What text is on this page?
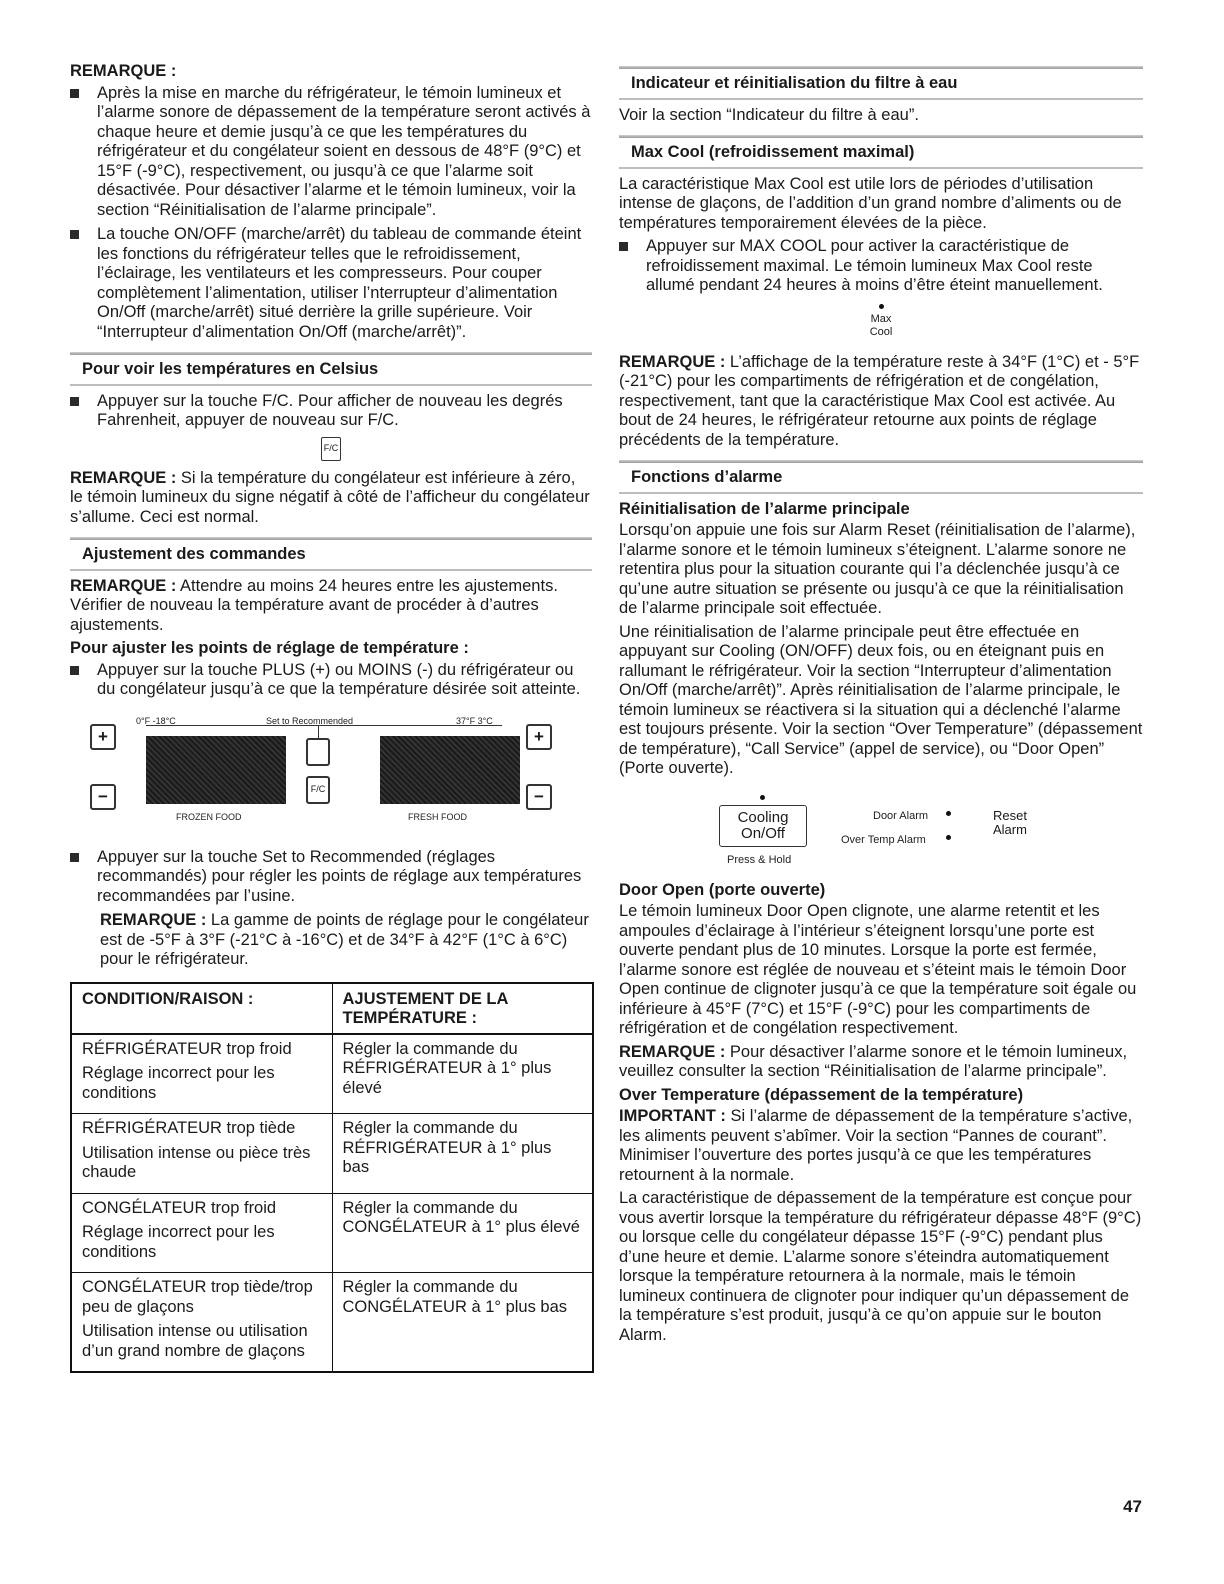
REMARQUE :
Après la mise en marche du réfrigérateur, le témoin lumineux et l’alarme sonore de dépassement de la température seront activés à chaque heure et demie jusqu’à ce que les températures du réfrigérateur et du congélateur soient en dessous de 48°F (9°C) et 15°F (-9°C), respectivement, ou jusqu’à ce que l’alarme soit désactivée. Pour désactiver l’alarme et le témoin lumineux, voir la section “Réinitialisation de l’alarme principale”.
La touche ON/OFF (marche/arrêt) du tableau de commande éteint les fonctions du réfrigérateur telles que le refroidissement, l’éclairage, les ventilateurs et les compresseurs. Pour couper complètement l’alimentation, utiliser l’nterrupteur d’alimentation On/Off (marche/arrêt) situé derrière la grille supérieure. Voir “Interrupteur d’alimentation On/Off (marche/arrêt)”.
Pour voir les températures en Celsius
Appuyer sur la touche F/C. Pour afficher de nouveau les degrés Fahrenheit, appuyer de nouveau sur F/C.
F/C

REMARQUE : Si la température du congélateur est inférieure à zéro, le témoin lumineux du signe négatif à côté de l’afficheur du congélateur s’allume. Ceci est normal.

Ajustement des commandes

REMARQUE : Attendre au moins 24 heures entre les ajustements. Vérifier de nouveau la température avant de procéder à d’autres ajustements.

Pour ajuster les points de réglage de température :
Appuyer sur la touche PLUS (+) ou MOINS (-) du réfrigérateur ou du congélateur jusqu’à ce que la température désirée soit atteinte.
0°F -18°C	Set to Recommended	37°F 3°C
+
−	F/C
+
−
FROZEN FOOD	FRESH FOOD
Appuyer sur la touche Set to Recommended (réglages recommandés) pour régler les points de réglage aux températures recommandées par l’usine.

REMARQUE : La gamme de points de réglage pour le congélateur est de -5°F à 3°F (-21°C à -16°C) et de 34°F à 42°F (1°C à 6°C) pour le réfrigérateur.

CONDITION/RAISON :	AJUSTEMENT DE LA TEMPÉRATURE :

RÉFRIGÉRATEUR trop froid

Réglage incorrect pour les conditions	Régler la commande du RÉFRIGÉRATEUR à 1° plus élevé

RÉFRIGÉRATEUR trop tiède

Utilisation intense ou pièce très chaude	Régler la commande du RÉFRIGÉRATEUR à 1° plus bas

CONGÉLATEUR trop froid

Réglage incorrect pour les conditions	Régler la commande du CONGÉLATEUR à 1° plus élevé

CONGÉLATEUR trop tiède/trop peu de glaçons

Utilisation intense ou utilisation d’un grand nombre de glaçons	Régler la commande du CONGÉLATEUR à 1° plus bas
Indicateur et réinitialisation du filtre à eau

Voir la section “Indicateur du filtre à eau”.

Max Cool (refroidissement maximal)

La caractéristique Max Cool est utile lors de périodes d’utilisation intense de glaçons, de l’addition d’un grand nombre d’aliments ou de températures temporairement élevées de la pièce.

Appuyer sur MAX COOL pour activer la caractéristique de refroidissement maximal. Le témoin lumineux Max Cool reste allumé pendant 24 heures à moins d’être éteint manuellement.
Max
Cool

REMARQUE : L’affichage de la température reste à 34°F (1°C) et - 5°F (-21°C) pour les compartiments de réfrigération et de congélation, respectivement, tant que la caractéristique Max Cool est activée. Au bout de 24 heures, le réfrigérateur retourne aux points de réglage précédents de la température.

Fonctions d’alarme
Réinitialisation de l’alarme principale

Lorsqu’on appuie une fois sur Alarm Reset (réinitialisation de l’alarme), l’alarme sonore et le témoin lumineux s’éteignent. L’alarme sonore ne retentira plus pour la situation courante qui l’a déclenchée jusqu’à ce qu’une autre situation se présente ou jusqu’à ce que la réinitialisation de l’alarme principale soit effectuée.

Une réinitialisation de l’alarme principale peut être effectuée en appuyant sur Cooling (ON/OFF) deux fois, ou en éteignant puis en rallumant le réfrigérateur. Voir la section “Interrupteur d’alimentation On/Off (marche/arrêt)”. Après réinitialisation de l’alarme principale, le témoin lumineux se réactivera si la situation qui a déclenché l’alarme est toujours présente. Voir la section “Over Temperature” (dépassement de température), “Call Service” (appel de service), ou “Door Open” (Porte ouverte).

Cooling
On/Off
Press & Hold
Door Alarm
Over Temp Alarm
Reset
Alarm
Door Open (porte ouverte)

Le témoin lumineux Door Open clignote, une alarme retentit et les ampoules d’éclairage à l’intérieur s’éteignent lorsqu’une porte est ouverte pendant plus de 10 minutes. Lorsque la porte est fermée, l’alarme sonore est réglée de nouveau et s’éteint mais le témoin Door Open continue de clignoter jusqu’à ce que la température soit égale ou inférieure à 45°F (7°C) et 15°F (-9°C) pour les compartiments de réfrigération et de congélation respectivement.

REMARQUE : Pour désactiver l’alarme sonore et le témoin lumineux, veuillez consulter la section “Réinitialisation de l’alarme principale”.

Over Temperature (dépassement de la température)

IMPORTANT : Si l’alarme de dépassement de la température s’active, les aliments peuvent s’abîmer. Voir la section “Pannes de courant”. Minimiser l’ouverture des portes jusqu’à ce que les températures retournent à la normale.

La caractéristique de dépassement de la température est conçue pour vous avertir lorsque la température du réfrigérateur dépasse 48°F (9°C) ou lorsque celle du congélateur dépasse 15°F (-9°C) pendant plus d’une heure et demie. L’alarme sonore s’éteindra automatiquement lorsque la température retournera à la normale, mais le témoin lumineux continuera de clignoter pour indiquer qu’un dépassement de la température s’est produit, jusqu’à ce qu’on appuie sur le bouton Alarm.

47
